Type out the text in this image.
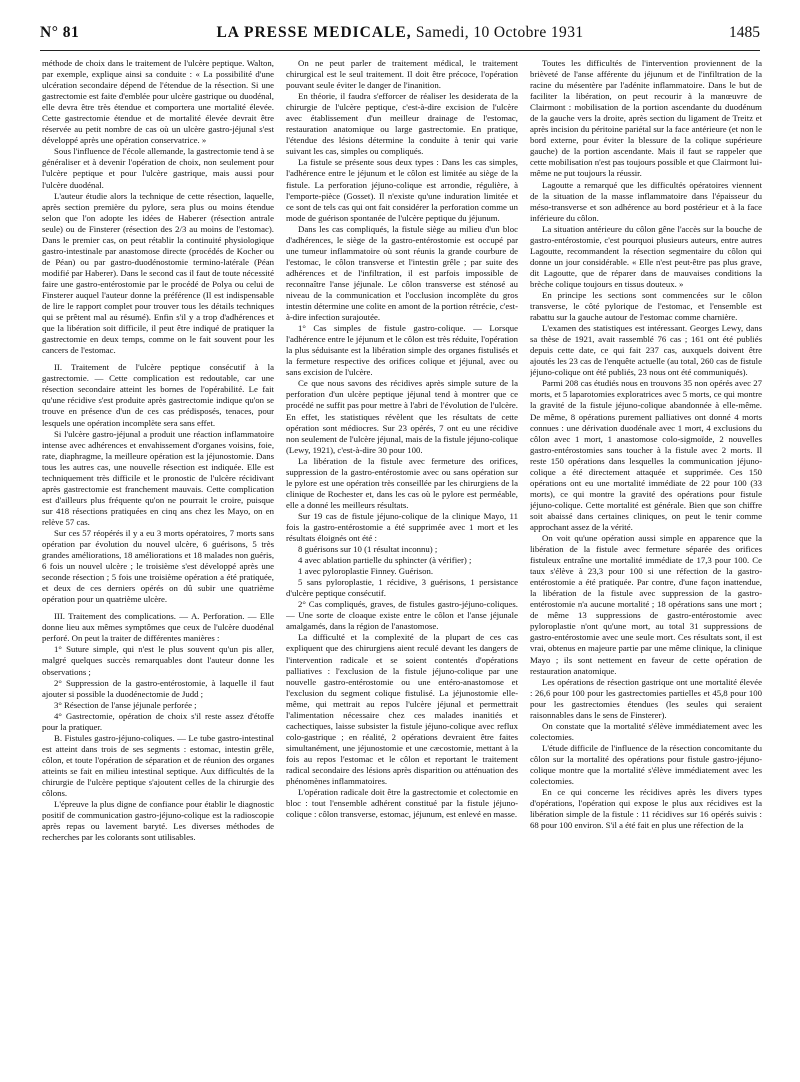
N° 81	LA PRESSE MEDICALE, Samedi, 10 Octobre 1931	1485

méthode de choix dans le traitement de l'ulcère peptique. Walton, par exemple, explique ainsi sa conduite : « La possibilité d'une ulcération secondaire dépend de l'étendue de la résection. Si une gastrectomie est faite d'emblée pour ulcère gastrique ou duodénal, elle devra être très étendue et comportera une mortalité élevée. Cette gastrectomie étendue et de mortalité élevée devrait être réservée au petit nombre de cas où un ulcère gastro-jéjunal s'est développé après une opération conservatrice. »

Sous l'influence de l'école allemande, la gastrectomie tend à se généraliser et à devenir l'opération de choix, non seulement pour l'ulcère peptique et pour l'ulcère gastrique, mais aussi pour l'ulcère duodénal.

L'auteur étudie alors la technique de cette résection, laquelle, après section première du pylore, sera plus ou moins étendue selon que l'on adopte les idées de Haberer (résection antrale seule) ou de Finsterer (résection des 2/3 au moins de l'estomac). Dans le premier cas, on peut rétablir la continuité physiologique gastro-intestinale par anastomose directe (procédés de Kocher ou de Péan) ou par gastro-duodénostomie termino-latérale (Péan modifié par Haberer). Dans le second cas il faut de toute nécessité faire une gastro-entérostomie par le procédé de Polya ou celui de Finsterer auquel l'auteur donne la préférence (Il est indispensable de lire le rapport complet pour trouver tous les détails techniques qui se prêtent mal au résumé). Enfin s'il y a trop d'adhérences et que la libération soit difficile, il peut être indiqué de pratiquer la gastrectomie en deux temps, comme on le fait souvent pour les cancers de l'estomac.

II. Traitement de l'ulcère peptique consécutif à la gastrectomie. — Cette complication est redoutable, car une résection secondaire atteint les bornes de l'opérabilité. Le fait qu'une récidive s'est produite après gastrectomie indique qu'on se trouve en présence d'un de ces cas prédisposés, tenaces, pour lesquels une opération incomplète sera sans effet.

Si l'ulcère gastro-jéjunal a produit une réaction inflammatoire intense avec adhérences et envahissement d'organes voisins, foie, rate, diaphragme, la meilleure opération est la jéjunostomie. Dans tous les autres cas, une nouvelle résection est indiquée. Elle est techniquement très difficile et le pronostic de l'ulcère récidivant après gastrectomie est franchement mauvais. Cette complication est d'ailleurs plus fréquente qu'on ne pourrait le croire, puisque sur 418 résections pratiquées en cinq ans chez les Mayo, on en relève 57 cas.

Sur ces 57 réopérés il y a eu 3 morts opératoires, 7 morts sans opération par évolution du nouvel ulcère, 6 guérisons, 5 très grandes améliorations, 18 améliorations et 18 malades non guéris, 6 fois un nouvel ulcère ; le troisième s'est développé après une seconde résection ; 5 fois une troisième opération a été pratiquée, et deux de ces derniers opérés on dû subir une quatrième opération pour un quatrième ulcère.

III. Traitement des complications. — A. Perforation. — Elle donne lieu aux mêmes symptômes que ceux de l'ulcère duodénal perforé. On peut la traiter de différentes manières :

1° Suture simple, qui n'est le plus souvent qu'un pis aller, malgré quelques succès remarquables dont l'auteur donne les observations ;

2° Suppression de la gastro-entérostomie, à laquelle il faut ajouter si possible la duodénectomie de Judd ;

3° Résection de l'anse jéjunale perforée ;

4° Gastrectomie, opération de choix s'il reste assez d'étoffe pour la pratiquer.

B. Fistules gastro-jéjuno-coliques. — Le tube gastro-intestinal est atteint dans trois de ses segments : estomac, intestin grêle, côlon, et toute l'opération de séparation et de réunion des organes atteints se fait en milieu intestinal septique. Aux difficultés de la chirurgie de l'ulcère peptique s'ajoutent celles de la chirurgie des côlons.

L'épreuve la plus digne de confiance pour établir le diagnostic positif de communication gastro-jéjuno-colique est la radioscopie après repas ou lavement baryté. Les diverses méthodes de recherches par les colorants sont utilisables.

On ne peut parler de traitement médical, le traitement chirurgical est le seul traitement. Il doit être précoce, l'opération pouvant seule éviter le danger de l'inanition.

En théorie, il faudra s'efforcer de réaliser les desiderata de la chirurgie de l'ulcère peptique, c'est-à-dire excision de l'ulcère avec établissement d'un meilleur drainage de l'estomac, restauration anatomique ou large gastrectomie. En pratique, l'étendue des lésions détermine la conduite à tenir qui varie suivant les cas, simples ou compliqués.

La fistule se présente sous deux types : Dans les cas simples, l'adhérence entre le jéjunum et le côlon est limitée au siège de la fistule. La perforation jéjuno-colique est arrondie, régulière, à l'emporte-pièce (Gosset). Il n'existe qu'une induration limitée et ce sont de tels cas qui ont fait considérer la perforation comme un mode de guérison spontanée de l'ulcère peptique du jéjunum.

Dans les cas compliqués, la fistule siège au milieu d'un bloc d'adhérences, le siège de la gastro-entérostomie est occupé par une tumeur inflammatoire où sont réunis la grande courbure de l'estomac, le côlon transverse et l'intestin grêle ; par suite des adhérences et de l'infiltration, il est parfois impossible de reconnaître l'anse jéjunale. Le côlon transverse est sténosé au niveau de la communication et l'occlusion incomplète du gros intestin détermine une colite en amont de la portion rétrécie, c'est-à-dire infection surajoutée.

1° Cas simples de fistule gastro-colique. — Lorsque l'adhérence entre le jéjunum et le côlon est très réduite, l'opération la plus séduisante est la libération simple des organes fistulisés et la fermeture respective des orifices colique et jéjunal, avec ou sans excision de l'ulcère.

Ce que nous savons des récidives après simple suture de la perforation d'un ulcère peptique jéjunal tend à montrer que ce procédé ne suffit pas pour mettre à l'abri de l'évolution de l'ulcère. En effet, les statistiques révèlent que les résultats de cette opération sont médiocres. Sur 23 opérés, 7 ont eu une récidive non seulement de l'ulcère jéjunal, mais de la fistule jéjuno-colique (Lewy, 1921), c'est-à-dire 30 pour 100.

La libération de la fistule avec fermeture des orifices, suppression de la gastro-entérostomie avec ou sans opération sur le pylore est une opération très conseillée par les chirurgiens de la clinique de Rochester et, dans les cas où le pylore est perméable, elle a donné les meilleurs résultats.

Sur 19 cas de fistule jéjuno-colique de la clinique Mayo, 11 fois la gastro-entérostomie a été supprimée avec 1 mort et les résultats éloignés ont été :

8 guérisons sur 10 (1 résultat inconnu) ;

4 avec ablation partielle du sphincter (à vérifier) ;

1 avec pyloroplastie Finney. Guérison.

5 sans pyloroplastie, 1 récidive, 3 guérisons, 1 persistance d'ulcère peptique consécutif.

2° Cas compliqués, graves, de fistules gastro-jéjuno-coliques. — Une sorte de cloaque existe entre le côlon et l'anse jéjunale amalgamés, dans la région de l'anastomose.

La difficulté et la complexité de la plupart de ces cas expliquent que des chirurgiens aient reculé devant les dangers de l'intervention radicale et se soient contentés d'opérations palliatives : l'exclusion de la fistule jéjuno-colique par une nouvelle gastro-entérostomie ou une entéro-anastomose et l'exclusion du segment colique fistulisé. La jéjunostomie elle-même, qui mettrait au repos l'ulcère jéjunal et permettrait l'alimentation nécessaire chez ces malades inanitiés et cachectiques, laisse subsister la fistule jéjuno-colique avec reflux colo-gastrique ; en réalité, 2 opérations devraient être faites simultanément, une jéjunostomie et une cæcostomie, mettant à la fois au repos l'estomac et le côlon et reportant le traitement radical secondaire des lésions après disparition ou atténuation des phénomènes inflammatoires.

L'opération radicale doit être la gastrectomie et colectomie en bloc : tout l'ensemble adhérent constitué par la fistule jéjuno-colique : côlon transverse, estomac, jéjunum, est enlevé en masse.

Toutes les difficultés de l'intervention proviennent de la brièveté de l'anse afférente du jéjunum et de l'infiltration de la racine du mésentère par l'adénite inflammatoire. Dans le but de faciliter la libération, on peut recourir à la manœuvre de Clairmont : mobilisation de la portion ascendante du duodénum de la gauche vers la droite, après section du ligament de Treitz et après incision du péritoine pariétal sur la face antérieure (et non le bord externe, pour éviter la blessure de la colique supérieure gauche) de la portion ascendante. Mais il faut se rappeler que cette mobilisation n'est pas toujours possible et que Clairmont lui-même ne put toujours la réussir.

Lagoutte a remarqué que les difficultés opératoires viennent de la situation de la masse inflammatoire dans l'épaisseur du méso-transverse et son adhérence au bord postérieur et à la face inférieure du côlon.

La situation antérieure du côlon gêne l'accès sur la bouche de gastro-entérostomie, c'est pourquoi plusieurs auteurs, entre autres Lagoutte, recommandent la résection segmentaire du côlon qui donne un jour considérable. « Elle n'est peut-être pas plus grave, dit Lagoutte, que de réparer dans de mauvaises conditions la brèche colique toujours en tissus douteux. »

En principe les sections sont commencées sur le côlon transverse, le côté pylorique de l'estomac, et l'ensemble est rabattu sur la gauche autour de l'estomac comme charnière.

L'examen des statistiques est intéressant. Georges Lewy, dans sa thèse de 1921, avait rassemblé 76 cas ; 161 ont été publiés depuis cette date, ce qui fait 237 cas, auxquels doivent être ajoutés les 23 cas de l'enquête actuelle (au total, 260 cas de fistule jéjuno-colique ont été publiés, 23 nous ont été communiqués).

Parmi 208 cas étudiés nous en trouvons 35 non opérés avec 27 morts, et 5 laparotomies exploratrices avec 5 morts, ce qui montre la gravité de la fistule jéjuno-colique abandonnée à elle-même. De même, 8 opérations purement palliatives ont donné 4 morts connues : une dérivation duodénale avec 1 mort, 4 exclusions du côlon avec 1 mort, 1 anastomose colo-sigmoïde, 2 nouvelles gastro-entérostomies sans toucher à la fistule avec 2 morts. Il reste 150 opérations dans lesquelles la communication jéjuno-colique a été directement attaquée et supprimée. Ces 150 opérations ont eu une mortalité immédiate de 22 pour 100 (33 morts), ce qui montre la gravité des opérations pour fistule jéjuno-colique. Cette mortalité est générale. Bien que son chiffre soit abaissé dans certaines cliniques, on peut le tenir comme approchant assez de la vérité.

On voit qu'une opération aussi simple en apparence que la libération de la fistule avec fermeture séparée des orifices fistuleux entraîne une mortalité immédiate de 17,3 pour 100. Ce taux s'élève à 23,3 pour 100 si une réfection de la gastro-entérostomie a été pratiquée. Par contre, d'une façon inattendue, la libération de la fistule avec suppression de la gastro-entérostomie n'a aucune mortalité ; 18 opérations sans une mort ; de même 13 suppressions de gastro-entérostomie avec pyloroplastie n'ont qu'une mort, au total 31 suppressions de gastro-entérostomie avec une seule mort. Ces résultats sont, il est vrai, obtenus en majeure partie par une même clinique, la clinique Mayo ; ils sont nettement en faveur de cette opération de restauration anatomique.

Les opérations de résection gastrique ont une mortalité élevée : 26,6 pour 100 pour les gastrectomies partielles et 45,8 pour 100 pour les gastrectomies étendues (les seules qui seraient raisonnables dans le sens de Finsterer).

On constate que la mortalité s'élève immédiatement avec les colectomies.

L'étude difficile de l'influence de la résection concomitante du côlon sur la mortalité des opérations pour fistule gastro-jéjuno-colique montre que la mortalité s'élève immédiatement avec les colectomies.

En ce qui concerne les récidives après les divers types d'opérations, l'opération qui expose le plus aux récidives est la libération simple de la fistule : 11 récidives sur 16 opérés suivis : 68 pour 100 environ. S'il a été fait en plus une réfection de la
